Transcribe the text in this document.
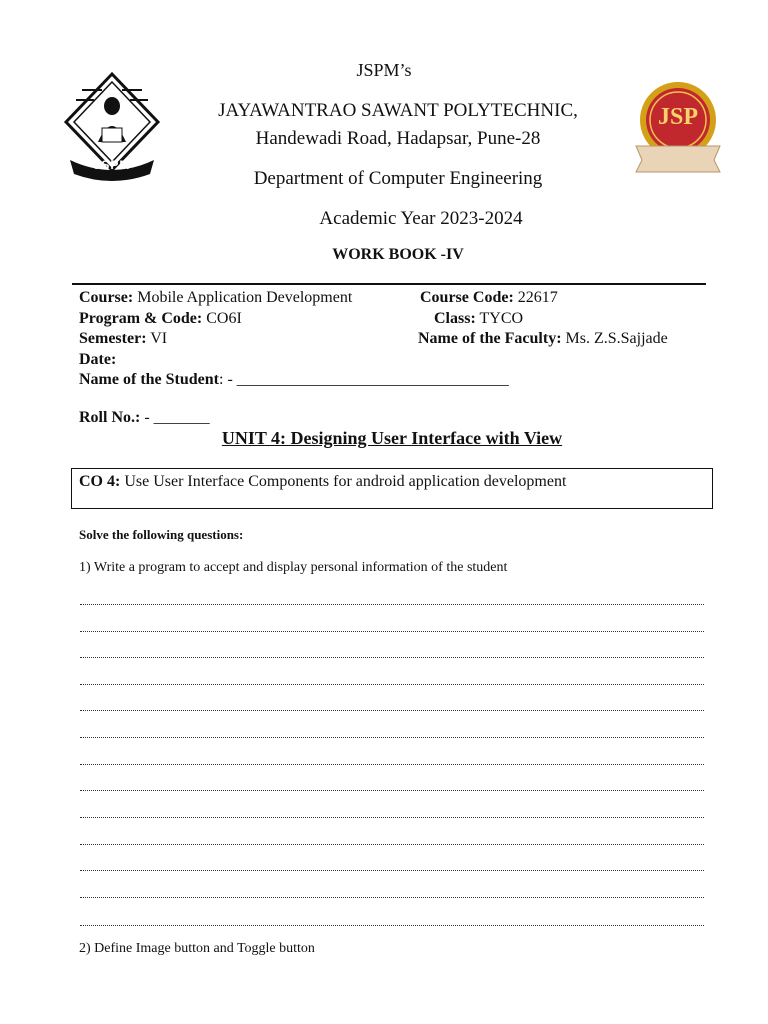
JSPM
JSP
JSPM’s
JAYAWANTRAO SAWANT POLYTECHNIC,
Handewadi Road, Hadapsar, Pune-28
Department of Computer Engineering
Academic Year 2023-2024
WORK BOOK -IV
Course: Mobile Application Development	Course Code: 22617
Program & Code: CO6I	Class: TYCO
Semester: VI	Name of the Faculty: Ms. Z.S.Sajjade
Date:
Name of the Student: - __________________________________
Roll No.: - _______
UNIT 4: Designing User Interface with View
CO 4: Use User Interface Components for android application development
Solve the following questions:
1) Write a program to accept and display personal information of the student
2) Define Image button and Toggle button
